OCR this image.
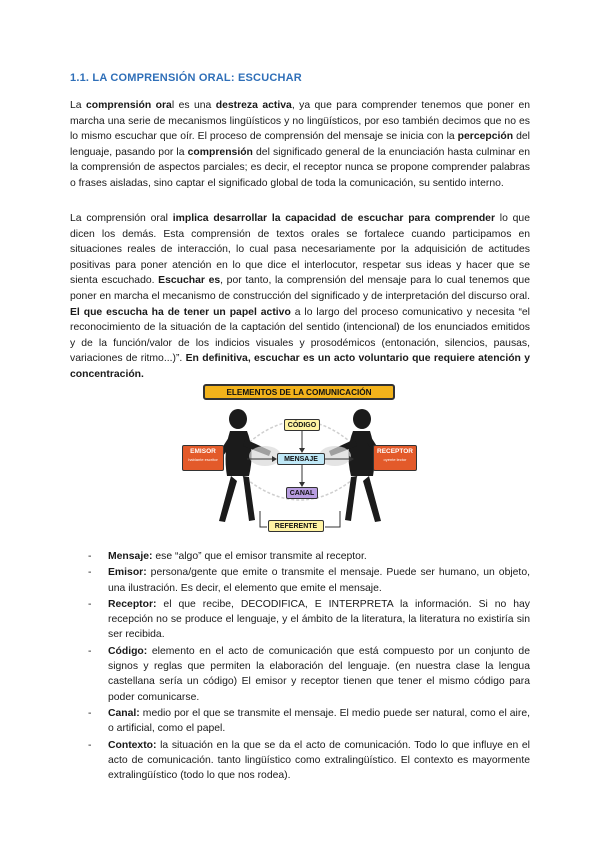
1.1. LA COMPRENSIÓN ORAL: ESCUCHAR

La comprensión oral es una destreza activa, ya que para comprender tenemos que poner en marcha una serie de mecanismos lingüísticos y no lingüísticos, por eso también decimos que no es lo mismo escuchar que oír. El proceso de comprensión del mensaje se inicia con la percepción del lenguaje, pasando por la comprensión del significado general de la enunciación hasta culminar en la comprensión de aspectos parciales; es decir, el receptor nunca se propone comprender palabras o frases aisladas, sino captar el significado global de toda la comunicación, su sentido interno.

La comprensión oral implica desarrollar la capacidad de escuchar para comprender lo que dicen los demás. Esta comprensión de textos orales se fortalece cuando participamos en situaciones reales de interacción, lo cual pasa necesariamente por la adquisición de actitudes positivas para poner atención en lo que dice el interlocutor, respetar sus ideas y hacer que se sienta escuchado. Escuchar es, por tanto, la comprensión del mensaje para lo cual tenemos que poner en marcha el mecanismo de construcción del significado y de interpretación del discurso oral. El que escucha ha de tener un papel activo a lo largo del proceso comunicativo y necesita “el reconocimiento de la situación de la captación del sentido (intencional) de los enunciados emitidos y de la función/valor de los indicios visuales y prosodémicos (entonación, silencios, pausas, variaciones de ritmo...)”. En definitiva, escuchar es un acto voluntario que requiere atención y concentración.

ELEMENTOS DE LA COMUNICACIÓN
CÓDIGO
MENSAJE
CANAL
REFERENTE
EMISOR
hablante escritor
RECEPTOR
oyente lector
- Mensaje: ese “algo” que el emisor transmite al receptor.
- Emisor: persona/gente que emite o transmite el mensaje. Puede ser humano, un objeto, una ilustración. Es decir, el elemento que emite el mensaje.
- Receptor: el que recibe, DECODIFICA, E INTERPRETA la información. Si no hay recepción no se produce el lenguaje, y el ámbito de la literatura, la literatura no existiría sin ser recibida.
- Código: elemento en el acto de comunicación que está compuesto por un conjunto de signos y reglas que permiten la elaboración del lenguaje. (en nuestra clase la lengua castellana sería un código) El emisor y receptor tienen que tener el mismo código para poder comunicarse.
- Canal: medio por el que se transmite el mensaje. El medio puede ser natural, como el aire, o artificial, como el papel.
- Contexto: la situación en la que se da el acto de comunicación. Todo lo que influye en el acto de comunicación. tanto lingüístico como extralingüístico. El contexto es mayormente extralingüístico (todo lo que nos rodea).
